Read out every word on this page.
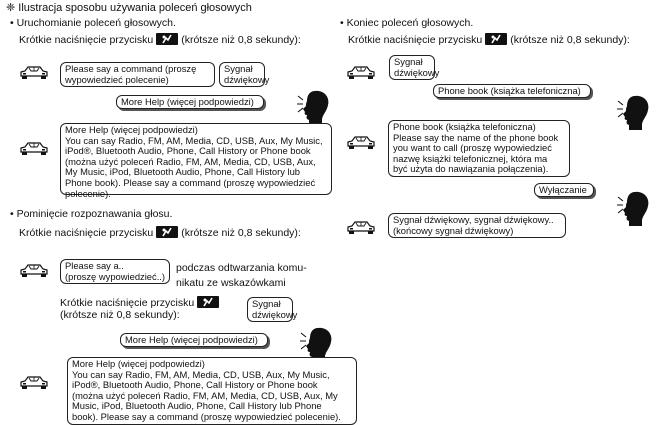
❈ Ilustracja sposobu używania poleceń głosowych
• Uruchomianie poleceń głosowych.
Krótkie naciśnięcie przycisku	(krótsze niż 0,8 sekundy):
Please say a command (proszę
wypowiedzieć polecenie)
Sygnał
dźwiękowy
More Help (więcej podpowiedzi)
More Help (więcej podpowiedzi)
You can say Radio, FM, AM, Media, CD, USB, Aux, My Music,
iPod®, Bluetooth Audio, Phone, Call History or Phone book
(można użyć poleceń Radio, FM, AM, Media, CD, USB, Aux,
My Music, iPod, Bluetooth Audio, Phone, Call History lub
Phone book). Please say a command (proszę wypowiedzieć
polecenie).
• Pominięcie rozpoznawania głosu.
Krótkie naciśnięcie przycisku	(krótsze niż 0,8 sekundy):
Please say a..
(proszę wypowiedzieć..)
podczas odtwarzania komu-
nikatu ze wskazówkami
Krótkie naciśnięcie przycisku
(krótsze niż 0,8 sekundy):
Sygnał
dźwiękowy
More Help (więcej podpowiedzi)
More Help (więcej podpowiedzi)
You can say Radio, FM, AM, Media, CD, USB, Aux, My Music,
iPod®, Bluetooth Audio, Phone, Call History or Phone book
(można użyć poleceń Radio, FM, AM, Media, CD, USB, Aux, My
Music, iPod, Bluetooth Audio, Phone, Call History lub Phone
book). Please say a command (proszę wypowiedzieć polecenie).
• Koniec poleceń głosowych.
Krótkie naciśnięcie przycisku	(krótsze niż 0,8 sekundy):
Sygnał
dźwiękowy
Phone book (książka telefoniczna)
Phone book (książka telefoniczna)
Please say the name of the phone book
you want to call (proszę wypowiedzieć
nazwę książki telefonicznej, która ma
być użyta do nawiązania połączenia).
Wyłączanie
Sygnał dźwiękowy, sygnał dźwiękowy..
(końcowy sygnał dźwiękowy)
